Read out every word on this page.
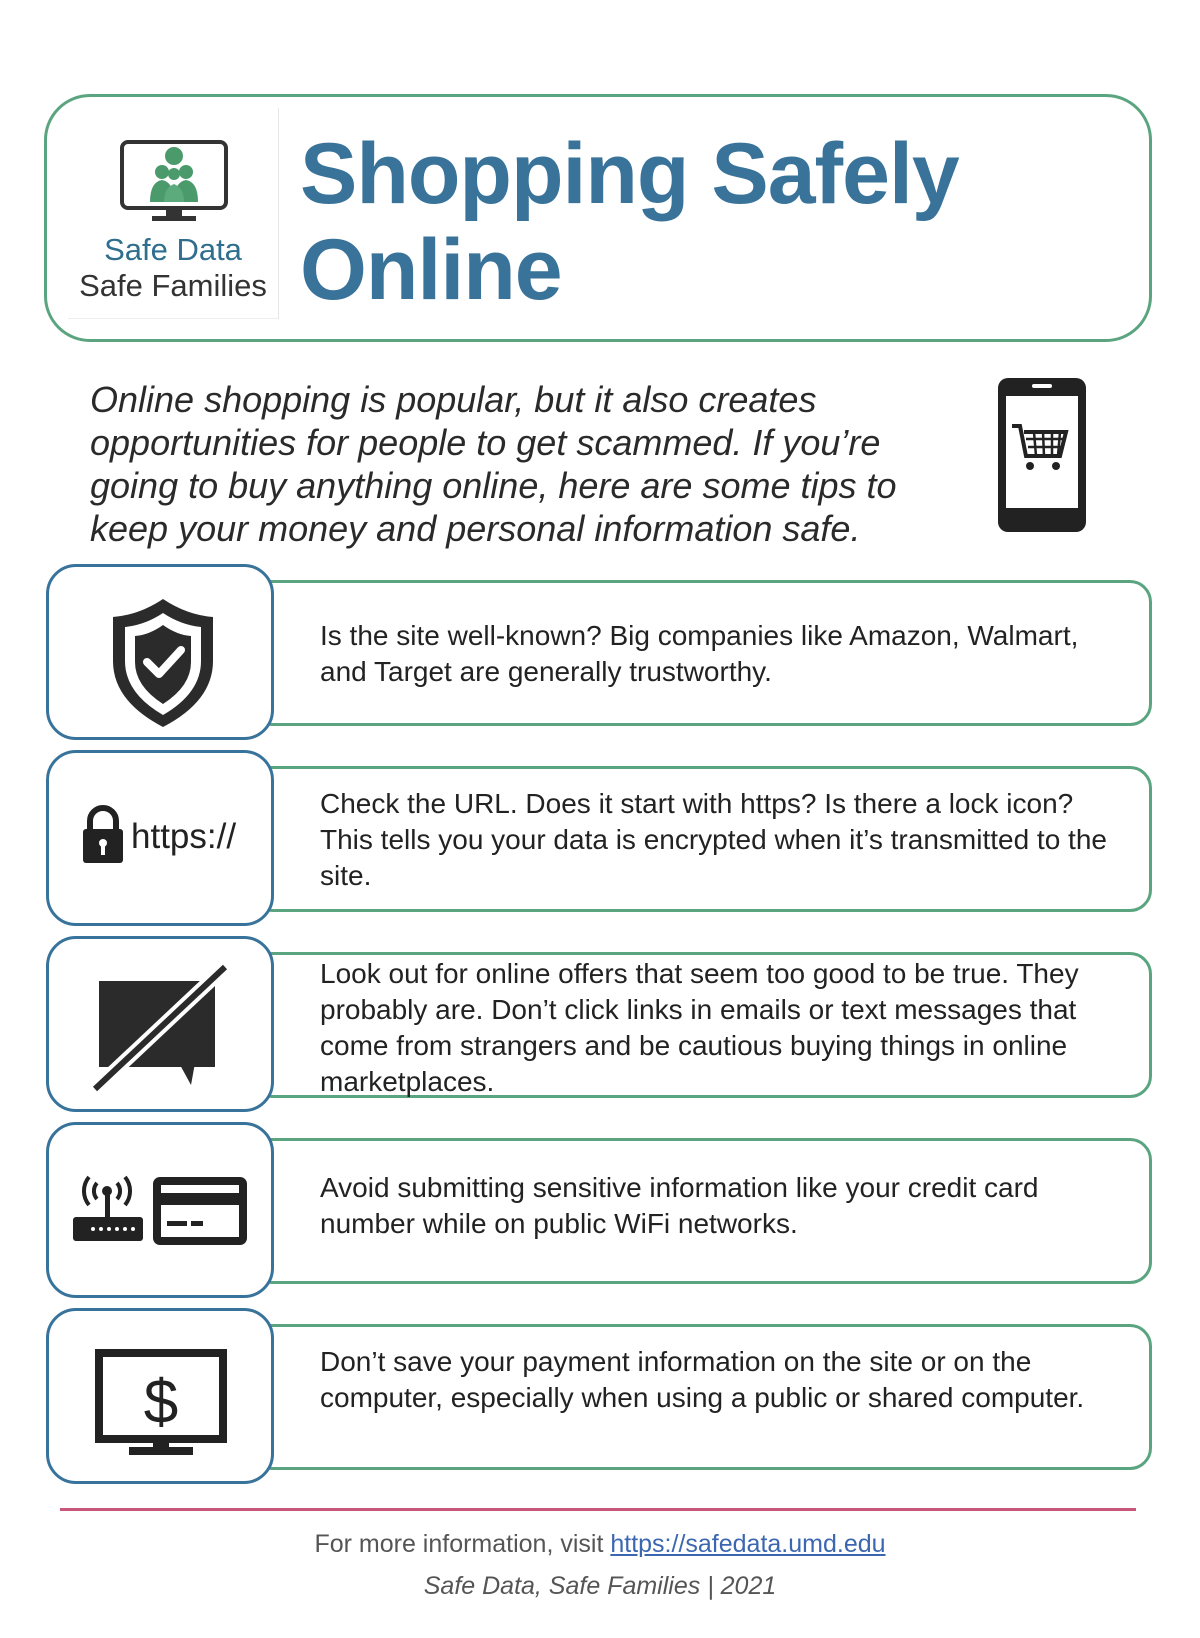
Safe Data
Safe Families
Shopping Safely
Online

Online shopping is popular, but it also creates opportunities for people to get scammed. If you’re going to buy anything online, here are some tips to keep your money and personal information safe.

Is the site well-known? Big companies like Amazon, Walmart, and Target are generally trustworthy.
https://
Check the URL. Does it start with https? Is there a lock icon? This tells you your data is encrypted when it’s transmitted to the site.
Look out for online offers that seem too good to be true. They probably are. Don’t click links in emails or text messages that come from strangers and be cautious buying things in online marketplaces.
Avoid submitting sensitive information like your credit card number while on public WiFi networks.
$
Don’t save your payment information on the site or on the computer, especially when using a public or shared computer.
For more information, visit https://safedata.umd.edu
Safe Data, Safe Families | 2021
